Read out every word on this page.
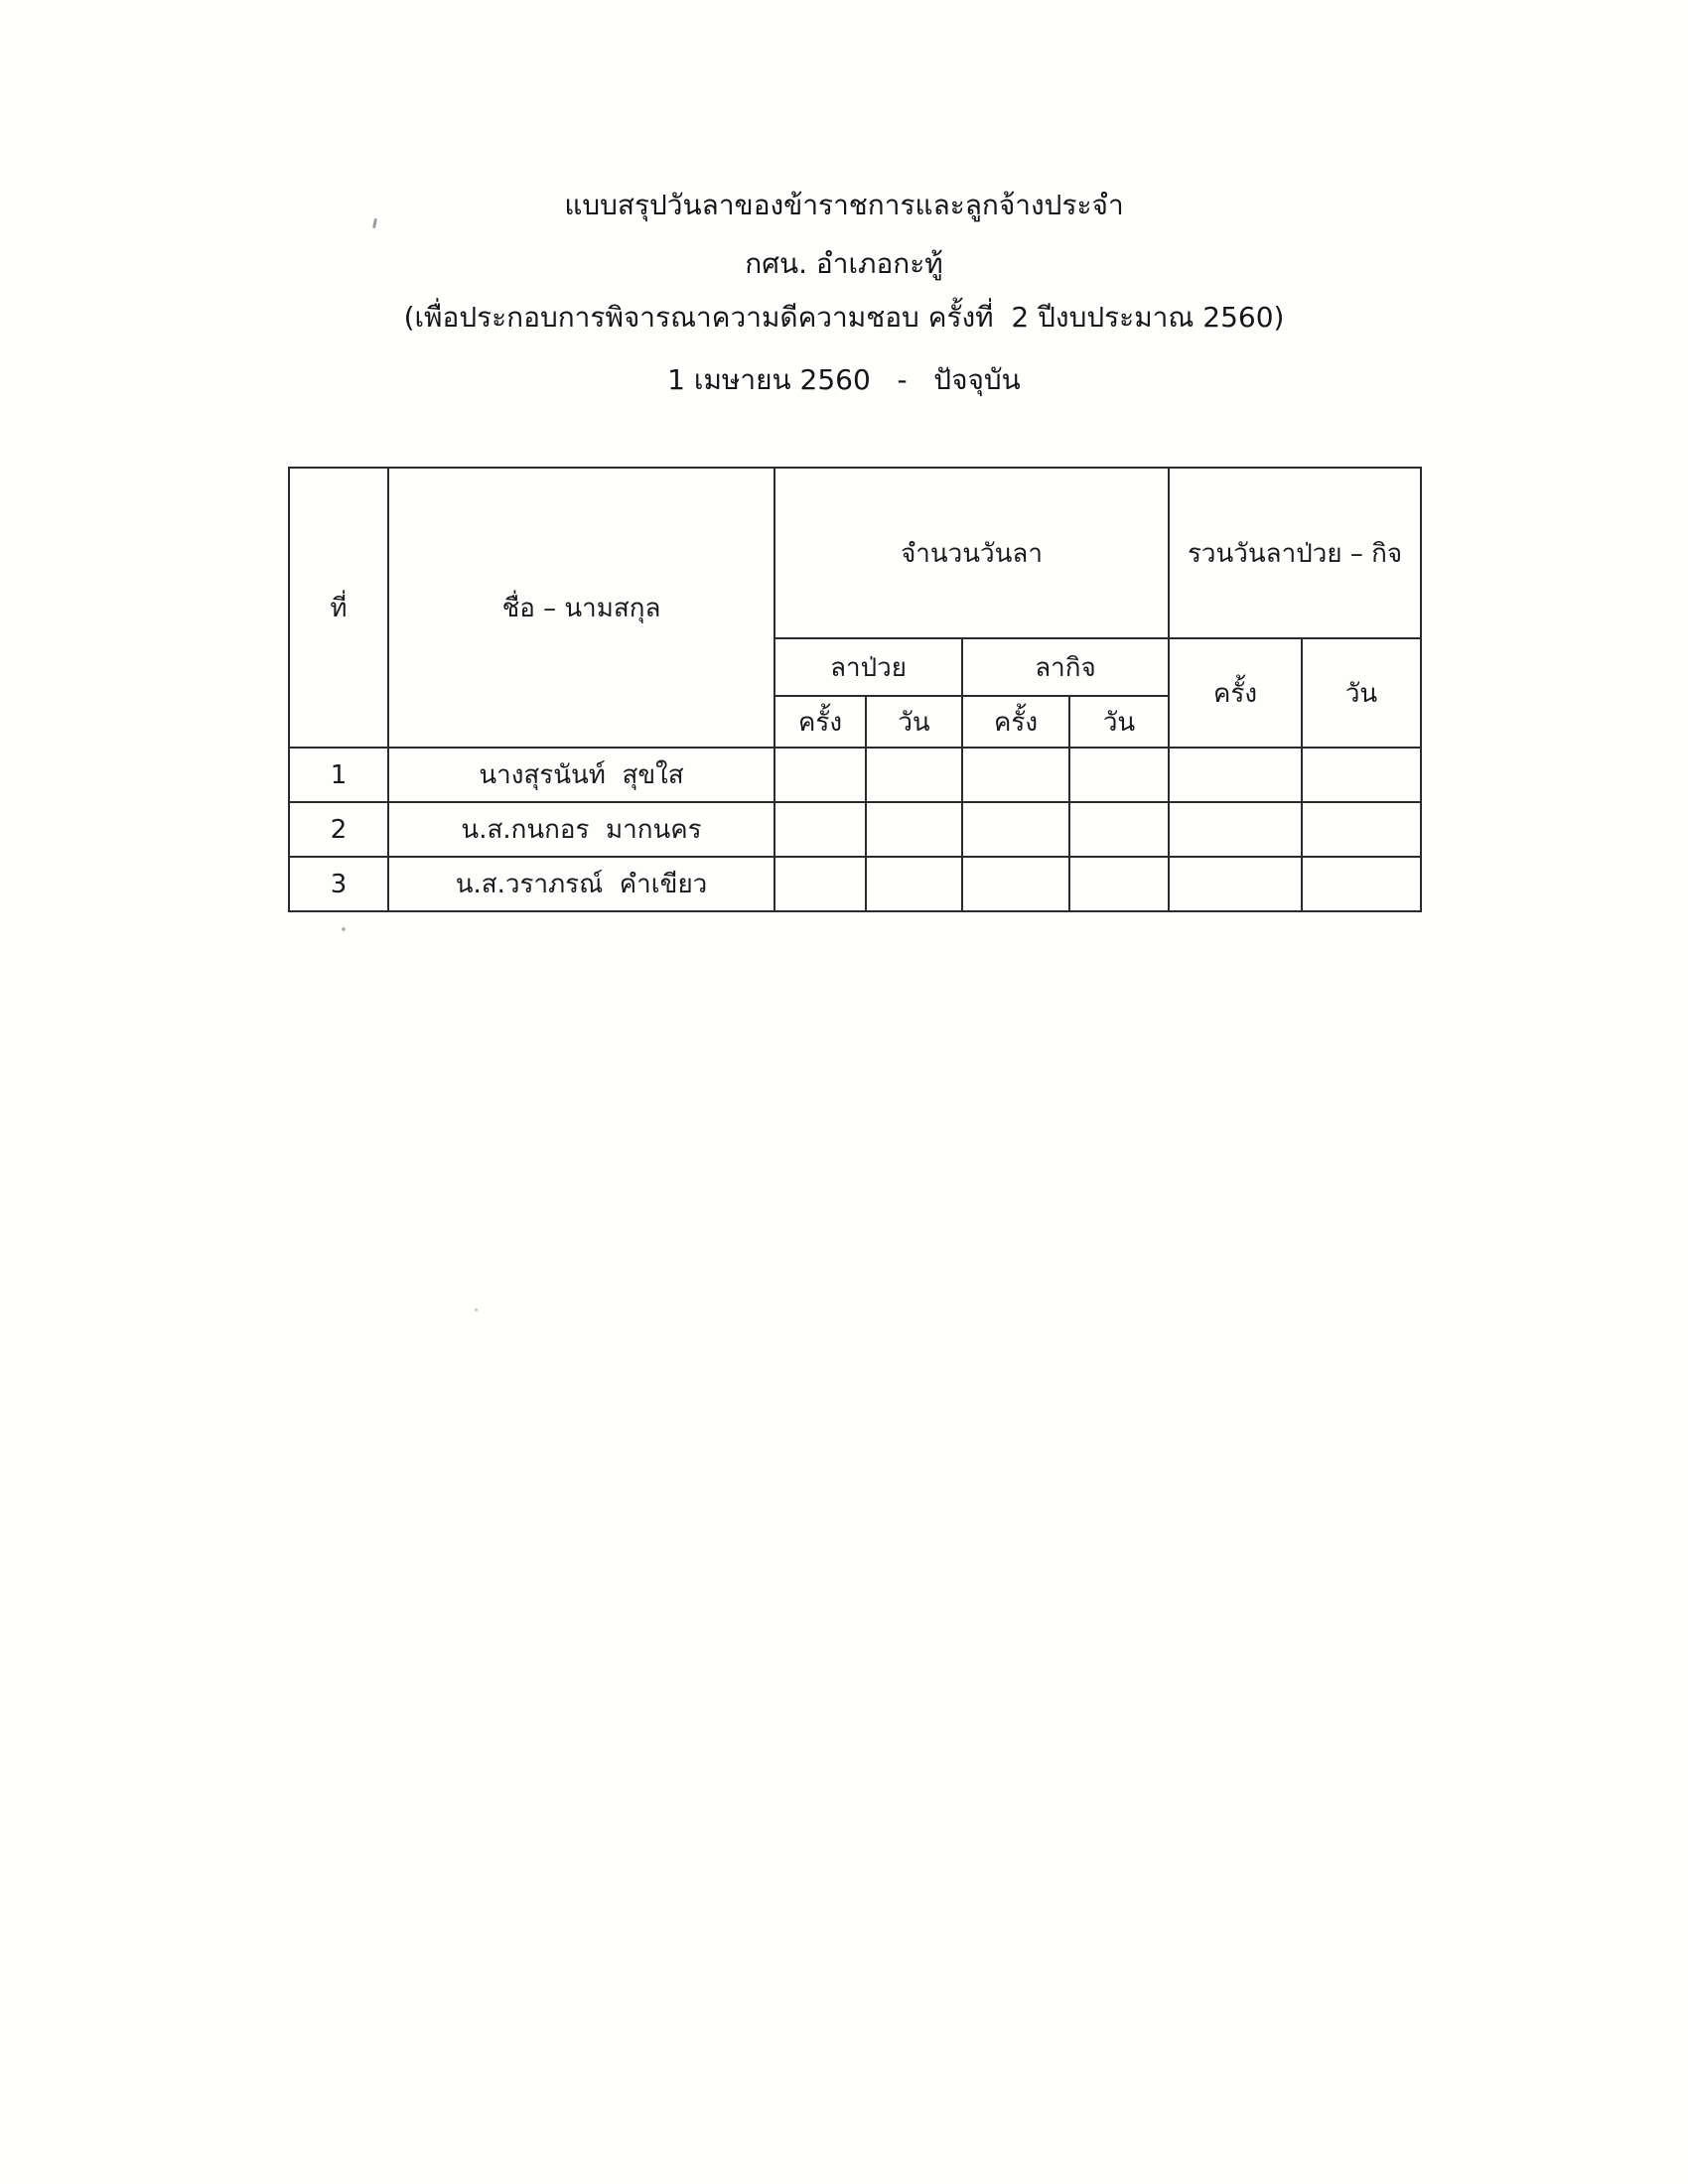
แบบสรุปวันลาของข้าราชการและลูกจ้างประจำ
กศน. อำเภอกะทู้
(เพื่อประกอบการพิจารณาความดีความชอบ ครั้งที่  2 ปีงบประมาณ 2560)
1 เมษายน 2560   -   ปัจจุบัน
ที่	ชื่อ – นามสกุล	จำนวนวันลา				รวนวันลาป่วย – กิจ	
		ลาป่วย		ลากิจ		ครั้ง	วัน
		ครั้ง	วัน	ครั้ง	วัน		
1	นางสุรนันท์  สุขใส						
2	น.ส.กนกอร  มากนคร						
3	น.ส.วราภรณ์  คำเขียว						
